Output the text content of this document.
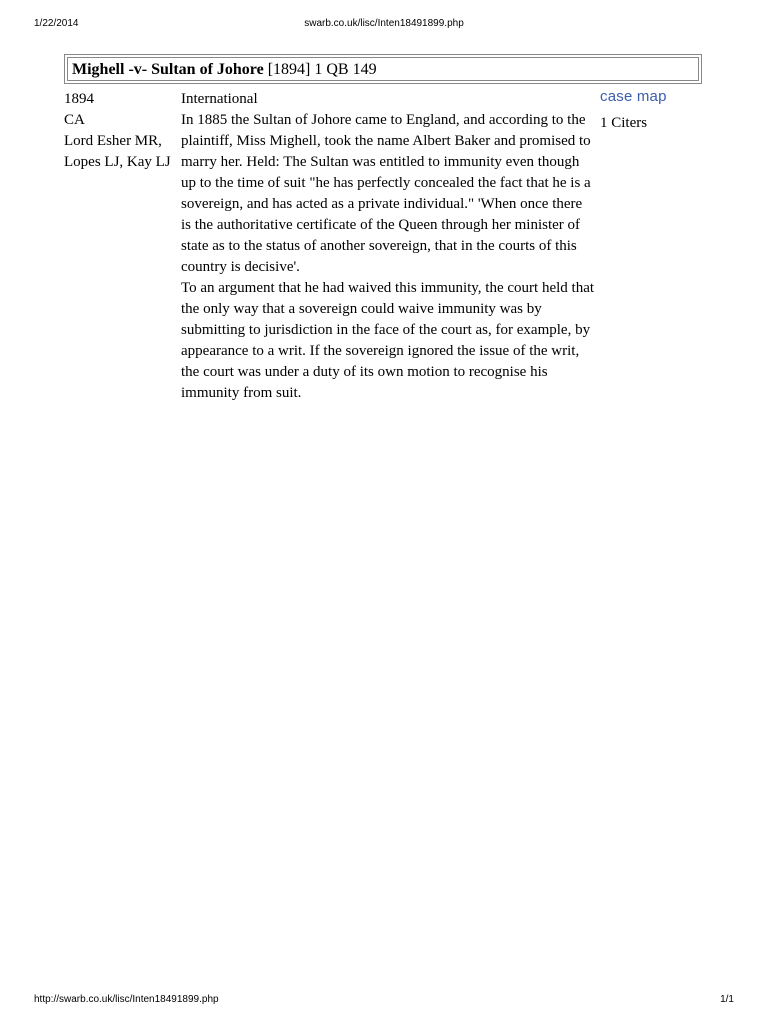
1/22/2014	swarb.co.uk/lisc/Inten18491899.php
Mighell -v- Sultan of Johore [1894] 1 QB 149
1894
CA
Lord Esher MR,
Lopes LJ, Kay LJ

International

In 1885 the Sultan of Johore came to England, and according to the plaintiff, Miss Mighell, took the name Albert Baker and promised to marry her. Held: The Sultan was entitled to immunity even though up to the time of suit "he has perfectly concealed the fact that he is a sovereign, and has acted as a private individual." 'When once there is the authoritative certificate of the Queen through her minister of state as to the status of another sovereign, that in the courts of this country is decisive'.

To an argument that he had waived this immunity, the court held that the only way that a sovereign could waive immunity was by submitting to jurisdiction in the face of the court as, for example, by appearance to a writ. If the sovereign ignored the issue of the writ, the court was under a duty of its own motion to recognise his immunity from suit.

case map
1 Citers
http://swarb.co.uk/lisc/Inten18491899.php	1/1
